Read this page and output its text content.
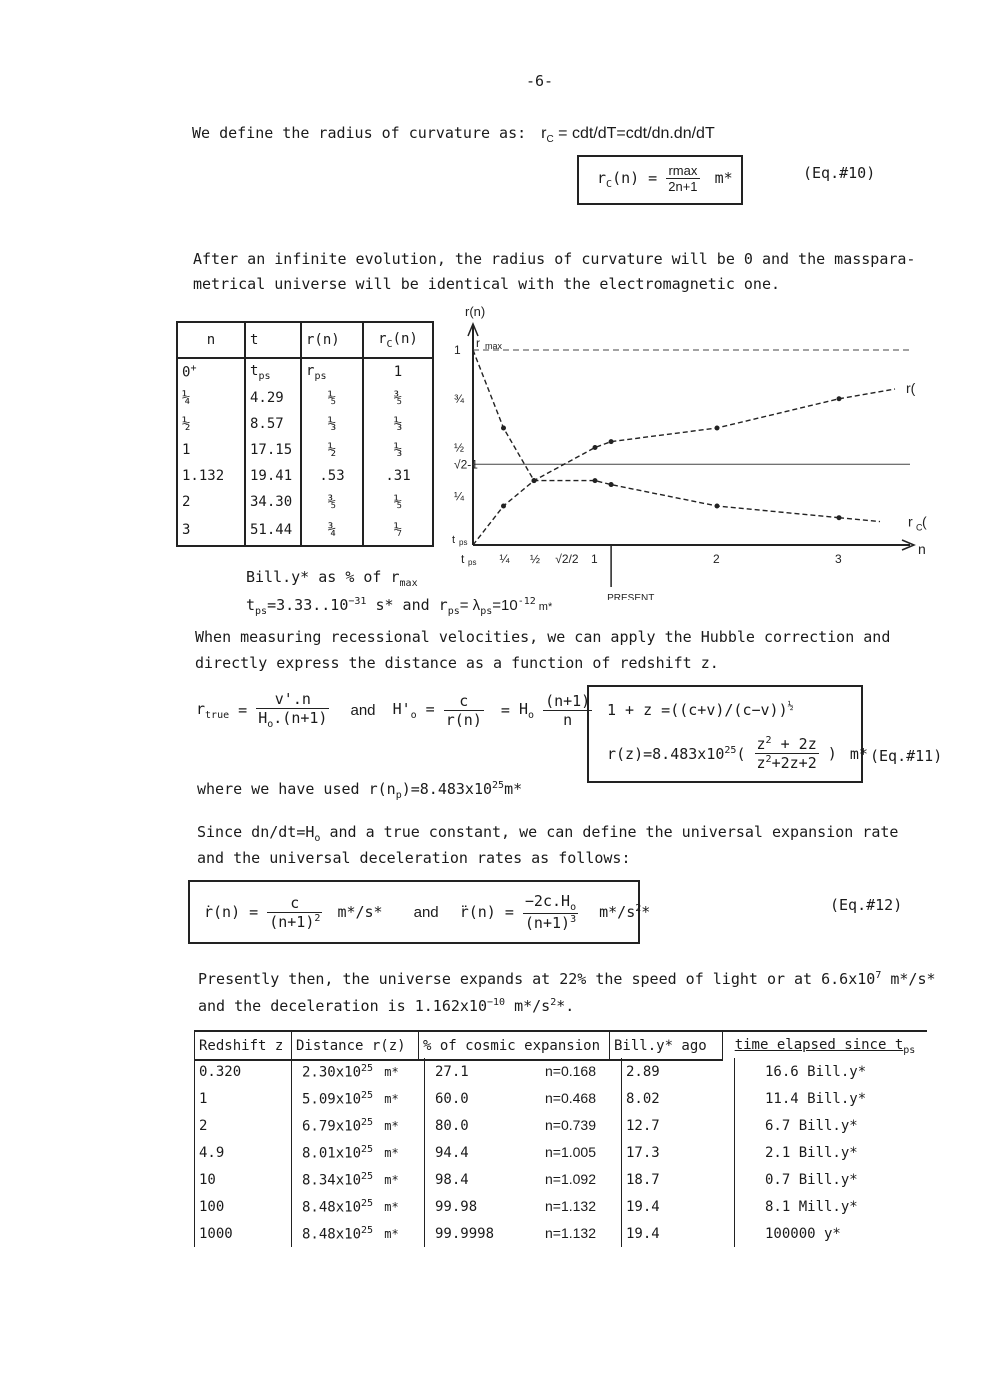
-6-
We define the radius of curvature as: $r_C = cdt/dT=cdt/dn.dn/dT$
$r_C(n) = \frac{rmax}{2n+1} m*$	(Eq.#10)
After an infinite evolution, the radius of curvature will be 0 and the masspara-
metrical universe will be identical with the electromagnetic one.
n	t	r(n)	$r_C(n)$
0+	$t_{ps}$	$r_{ps}$	1
¼	4.29	⅕	⅗
½	8.57	⅓	⅓
1	17.15	½	⅓
1.132	19.41	.53	.31
2	34.30	⅗	⅕
3	51.44	¾	⅐
Bill.y* as % of $r_{max}$
$t_{ps}=3.33..10^{-31}$ s* and $r_{ps}= \lambda_{ps}=10^{-12}$ m*
r(n)
n
r max
1
¾
½
√2-1
¼
t ps
t ps ¼ ½ √2/2 1	2	3
PRESENT
r(
r C (
When measuring recessional velocities, we can apply the Hubble correction and
directly express the distance as a function of redshift z.
$r_{true} = \frac{v'.n}{H_o.(n+1)}$ and $H'_o = \frac{c}{r(n)} = H_o \frac{(n+1)}{n} 1 + z =((c+v)/(c-v))^{\frac{1}{2}}$
$r(z)=8.483x10^{25}( \frac{z^2 + 2z}{z^2+2z+2}$ ) m* (Eq.#11)
where we have used $r(n_p)=8.483x10^{25}m*$
Since $dn/dt=H_o$ and a true constant, we can define the universal expansion rate
and the universal deceleration rates as follows:
ṙ(n) = $\frac{c}{(n+1)^2} m*/s*$ and r̈(n) = $\frac{-2c.H_o}{(n+1)^3} m*/s^2*$	(Eq.#12)
Presently then, the universe expands at 22% the speed of light or at $6.6x10^7$ m*/s*
and the deceleration is $1.162x10^{-10}$ $m*/s^2*$.
Redshift z	Distance r(z)	% of cosmic expansion	Bill.y* ago	time elapsed since $t_{ps}$
0.320	$2.30x10^{25}$ m*	27.1 n=0.168	2.89	16.6 Bill.y*
1	$5.09x10^{25}$ m*	60.0 n=0.468	8.02	11.4 Bill.y*
2	$6.79x10^{25}$ m*	80.0 n=0.739	12.7	6.7 Bill.y*
4.9	$8.01x10^{25}$ m*	94.4 n=1.005	17.3	2.1 Bill.y*
10	$8.34x10^{25}$ m*	98.4 n=1.092	18.7	0.7 Bill.y*
100	$8.48x10^{25}$ m*	99.98 n=1.132	19.4	8.1 Mill.y*
1000	$8.48x10^{25}$ m*	99.9998 n=1.132	19.4	100000 y*
